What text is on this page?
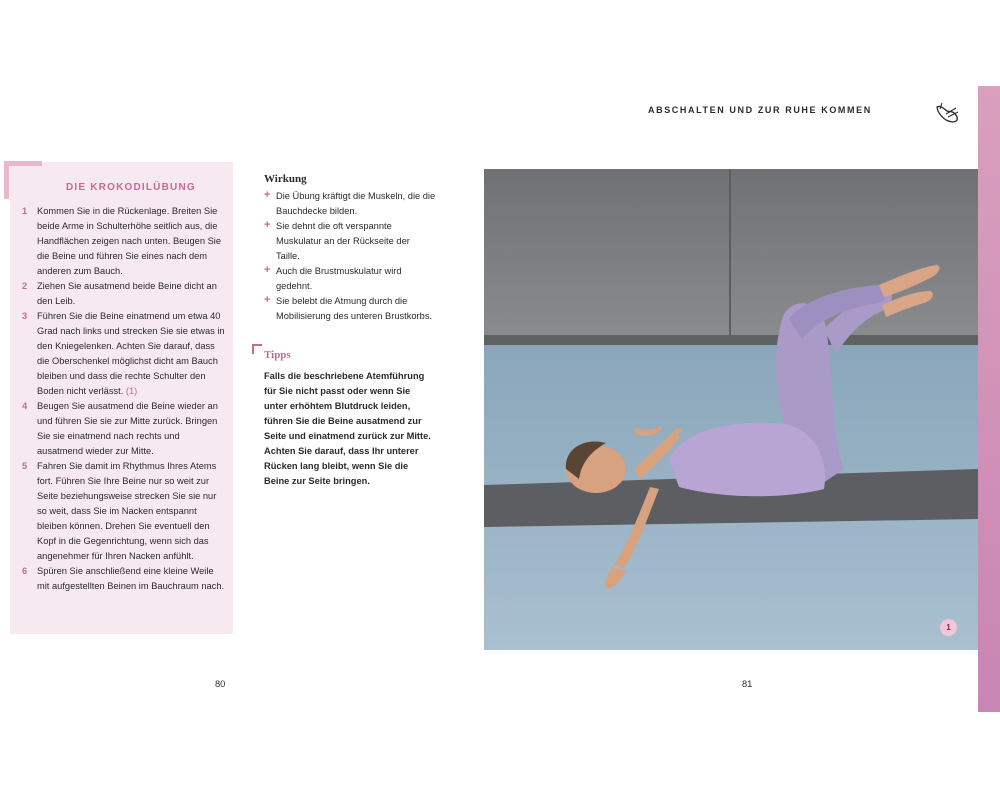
ABSCHALTEN UND ZUR RUHE KOMMEN
DIE KROKODILÜBUNG
1 Kommen Sie in die Rückenlage. Breiten Sie beide Arme in Schulterhöhe seitlich aus, die Handflächen zeigen nach unten. Beugen Sie die Beine und führen Sie eines nach dem anderen zum Bauch.
2 Ziehen Sie ausatmend beide Beine dicht an den Leib.
3 Führen Sie die Beine einatmend um etwa 40 Grad nach links und strecken Sie sie etwas in den Kniegelenken. Achten Sie darauf, dass die Oberschenkel möglichst dicht am Bauch bleiben und dass die rechte Schulter den Boden nicht verlässt. (1)
4 Beugen Sie ausatmend die Beine wieder an und führen Sie sie zur Mitte zurück. Bringen Sie sie einatmend nach rechts und ausatmend wieder zur Mitte.
5 Fahren Sie damit im Rhythmus Ihres Atems fort. Führen Sie Ihre Beine nur so weit zur Seite beziehungsweise strecken Sie sie nur so weit, dass Sie im Nacken entspannt bleiben können. Drehen Sie eventuell den Kopf in die Gegenrichtung, wenn sich das angenehmer für Ihren Nacken anfühlt.
6 Spüren Sie anschließend eine kleine Weile mit aufgestellten Beinen im Bauchraum nach.
Wirkung
+ Die Übung kräftigt die Muskeln, die die Bauchdecke bilden.
+ Sie dehnt die oft verspannte Muskulatur an der Rückseite der Taille.
+ Auch die Brustmuskulatur wird gedehnt.
+ Sie belebt die Atmung durch die Mobilisierung des unteren Brustkorbs.
Tipps

Falls die beschriebene Atemführung für Sie nicht passt oder wenn Sie unter erhöhtem Blutdruck leiden, führen Sie die Beine ausatmend zur Seite und einatmend zurück zur Mitte.

Achten Sie darauf, dass Ihr unterer Rücken lang bleibt, wenn Sie die Beine zur Seite bringen.

1
80	81
